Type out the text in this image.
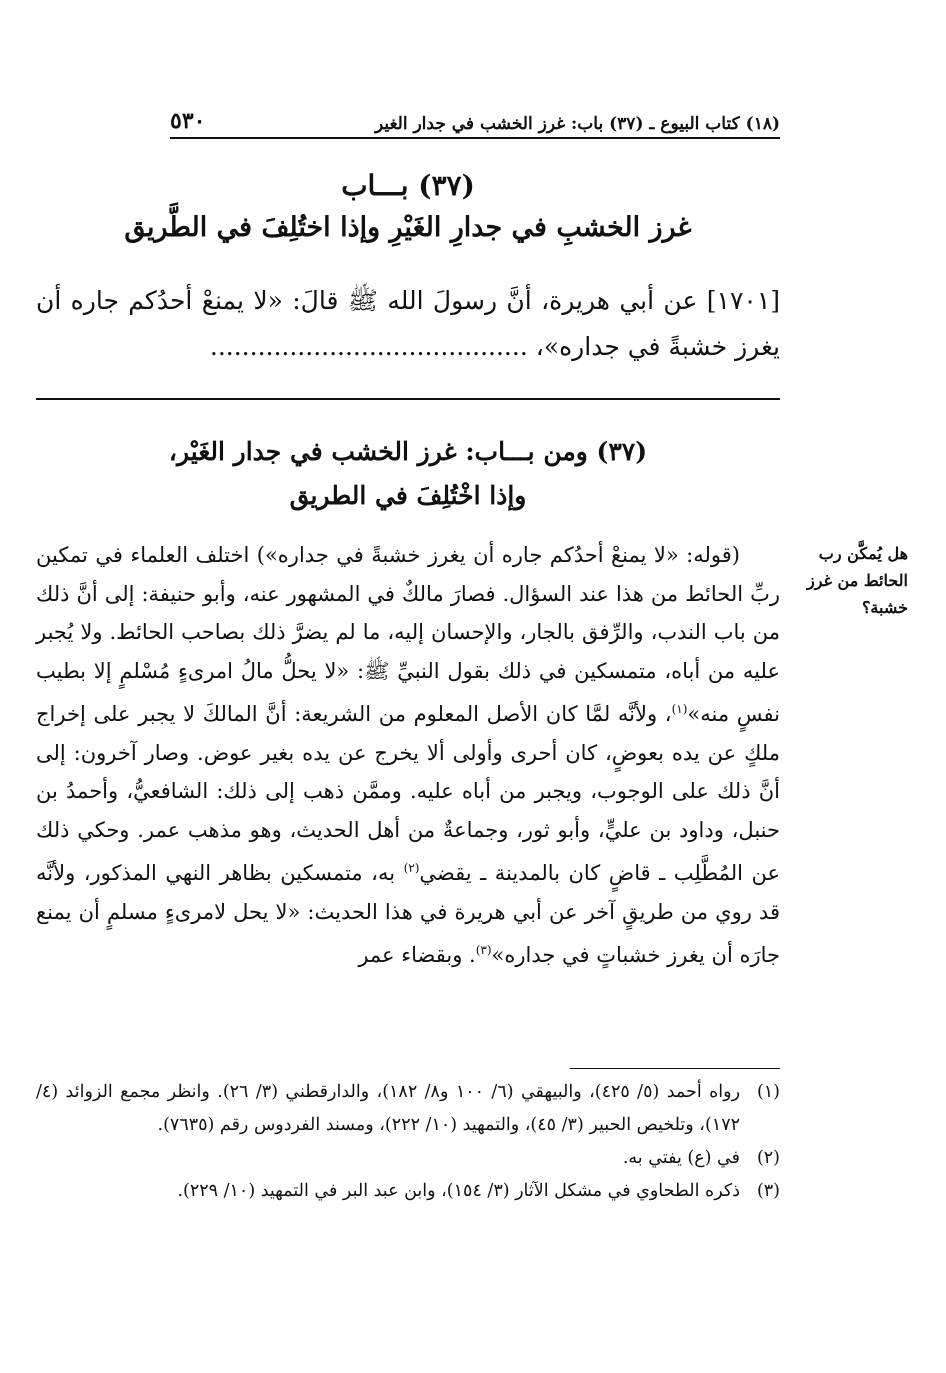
(١٨) كتاب البيوع ـ (٣٧) باب: غرز الخشب في جدار الغير
٥٣٠
(٣٧) بـــاب
غرز الخشبِ في جدارِ الغَيْرِ وإذا اختُلِفَ في الطَّريق
[١٧٠١] عن أبي هريرة، أنَّ رسولَ الله ﷺ قالَ: «لا يمنعْ أحدُكم جاره أن يغرز خشبةً في جداره»، ........................................
(٣٧) ومن بـــاب: غرز الخشب في جدار الغَيْر،
وإذا اخْتُلِفَ في الطريق
هل يُمكَّن رب الحائط من غرز خشبة؟
(قوله: «لا يمنعْ أحدُكم جاره أن يغرز خشبةً في جداره») اختلف العلماء في تمكين ربِّ الحائط من هذا عند السؤال. فصارَ مالكٌ في المشهور عنه، وأبو حنيفة: إلى أنَّ ذلك من باب الندب، والرِّفق بالجار، والإحسان إليه، ما لم يضرَّ ذلك بصاحب الحائط. ولا يُجبر عليه من أباه، متمسكين في ذلك بقول النبيِّ ﷺ: «لا يحلُّ مالُ امرىءٍ مُسْلمٍ إلا بطيب نفسٍ منه»$^{(١)}$، ولأنَّه لمَّا كان الأصل المعلوم من الشريعة: أنَّ المالكَ لا يجبر على إخراج ملكٍ عن يده بعوضٍ، كان أحرى وأولى ألا يخرج عن يده بغير عوض. وصار آخرون: إلى أنَّ ذلك على الوجوب، ويجبر من أباه عليه. وممَّن ذهب إلى ذلك: الشافعيُّ، وأحمدُ بن حنبل، وداود بن عليٍّ، وأبو ثور، وجماعةٌ من أهل الحديث، وهو مذهب عمر. وحكي ذلك عن المُطَّلِب ـ قاضٍ كان بالمدينة ـ يقضي$^{(٢)}$ به، متمسكين بظاهر النهي المذكور، ولأنَّه قد روي من طريقٍ آخر عن أبي هريرة في هذا الحديث: «لا يحل لامرىءٍ مسلمٍ أن يمنع جارَه أن يغرز خشباتٍ في جداره»$^{(٣)}$. وبقضاء عمر
(١)
رواه أحمد (٥/ ٤٢٥)، والبيهقي (٦/ ١٠٠ و٨/ ١٨٢)، والدارقطني (٣/ ٢٦). وانظر مجمع الزوائد (٤/ ١٧٢)، وتلخيص الحبير (٣/ ٤٥)، والتمهيد (١٠/ ٢٢٢)، ومسند الفردوس رقم (٧٦٣٥).
(٢)
في (ع) يفتي به.
(٣)
ذكره الطحاوي في مشكل الآثار (٣/ ١٥٤)، وابن عبد البر في التمهيد (١٠/ ٢٢٩).
